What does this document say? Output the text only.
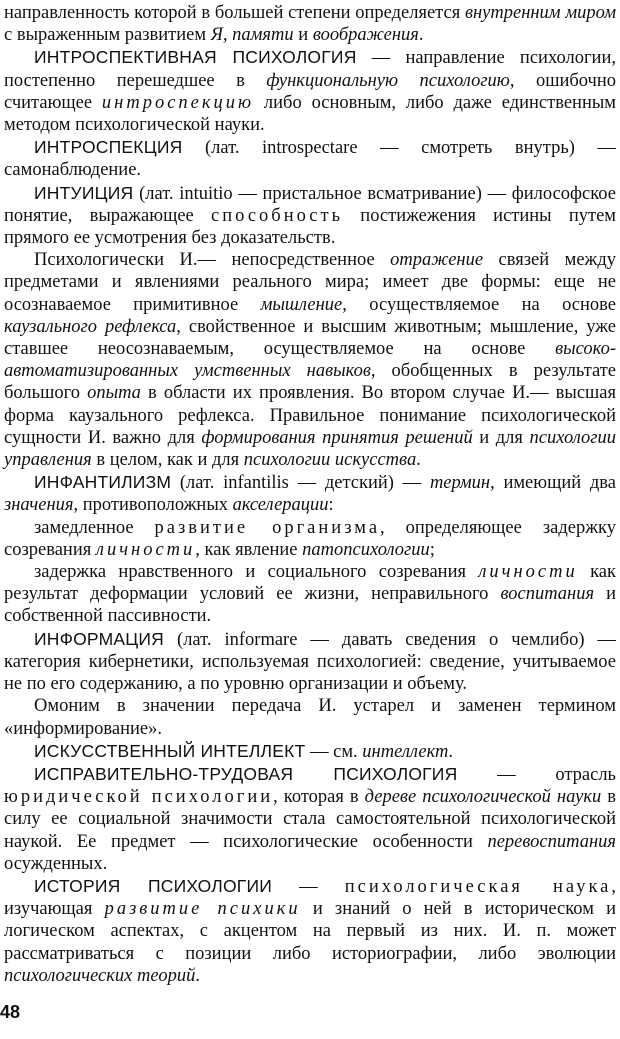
направленность которой в большей степени определяется внутренним миром с выраженным развитием Я, памяти и воображения.

ИНТРОСПЕКТИВНАЯ ПСИХОЛОГИЯ — направление психологии, постепенно перешедшее в функциональную психологию, ошибочно считающее интроспекцию либо основным, либо даже единственным методом психологической науки.

ИНТРОСПЕКЦИЯ (лат. introspectare — смотреть внутрь) — самонаблюдение.

ИНТУИЦИЯ (лат. intuitio — пристальное всматривание) — философское понятие, выражающее способность постижежения истины путем прямого ее усмотрения без доказательств.

Психологически И.— непосредственное отражение связей между предметами и явлениями реального мира; имеет две формы: еще не осознаваемое примитивное мышление, осуществляемое на основе каузального рефлекса, свойственное и высшим животным; мышление, уже ставшее неосознаваемым, осуществляемое на основе высокоавтоматизированных умственных навыков, обобщенных в результате большого опыта в области их проявления. Во втором случае И.— высшая форма каузального рефлекса. Правильное понимание психологической сущности И. важно для формирования принятия решений и для психологии управления в целом, как и для психологии искусства.

ИНФАНТИЛИЗМ (лат. infantilis — детский) — термин, имеющий два значения, противоположных акселерации:

замедленное развитие организма, определяющее задержку созревания личности, как явление патопсихологии;

задержка нравственного и социального созревания личности как результат деформации условий ее жизни, неправильного воспитания и собственной пассивности.

ИНФОРМАЦИЯ (лат. informare — давать сведения о чемлибо) — категория кибернетики, используемая психологией: сведение, учитываемое не по его содержанию, а по уровню организации и объему.

Омоним в значении передача И. устарел и заменен термином «информирование».

ИСКУССТВЕННЫЙ ИНТЕЛЛЕКТ — см. интеллект.

ИСПРАВИТЕЛЬНО-ТРУДОВАЯ ПСИХОЛОГИЯ — отрасль юридической психологии, которая в дереве психологической науки в силу ее социальной значимости стала самостоятельной психологической наукой. Ее предмет — психологические особенности перевоспитания осужденных.

ИСТОРИЯ ПСИХОЛОГИИ — психологическая наука, изучающая развитие психики и знаний о ней в историческом и логическом аспектах, с акцентом на первый из них. И. п. может рассматриваться с позиции либо историографии, либо эволюции психологических теорий.

48
